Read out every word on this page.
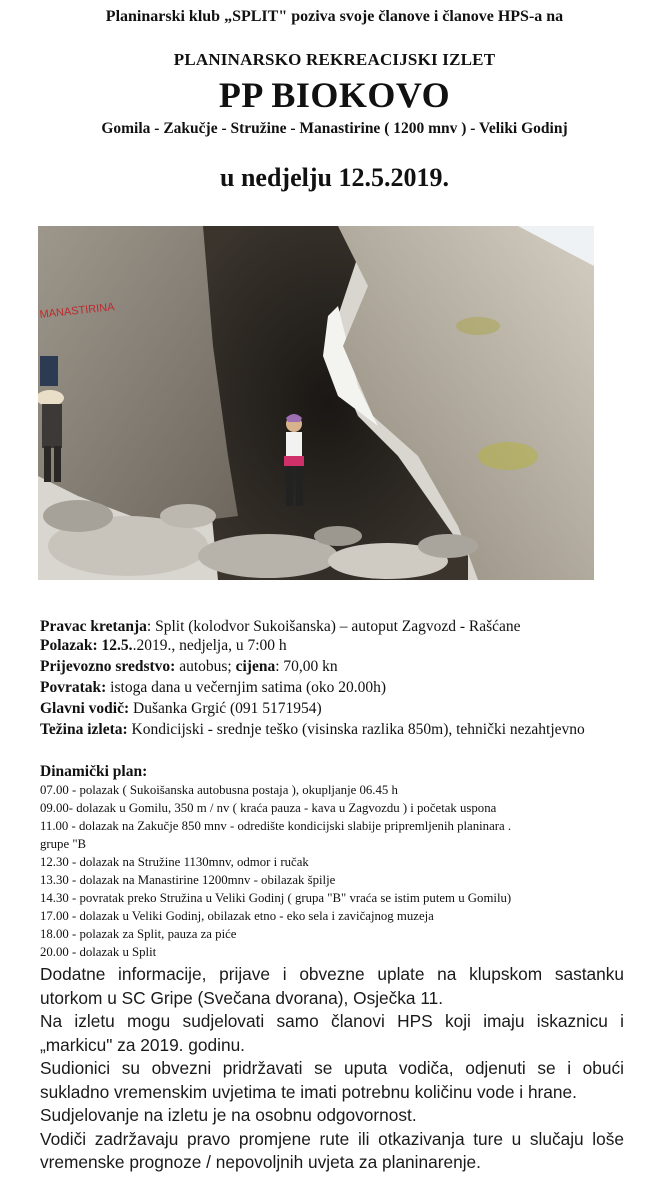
Planinarski klub „SPLIT" poziva svoje članove i članove HPS-a na
PLANINARSKO REKREACIJSKI IZLET
PP BIOKOVO
Gomila - Zakučje - Stružine - Manastirine ( 1200 mnv ) - Veliki Godinj
u nedjelju 12.5.2019.
MANASTIRINA
Pravac kretanja: Split (kolodvor Sukoišanska) – autoput Zagvozd - Rašćane
Polazak: 12.5..2019., nedjelja, u 7:00 h
Prijevozno sredstvo: autobus; cijena: 70,00 kn
Povratak: istoga dana u večernjim satima (oko 20.00h)
Glavni vodič: Dušanka Grgić (091 5171954)
Težina izleta: Kondicijski - srednje teško (visinska razlika 850m), tehnički nezahtjevno
Dinamički plan:
07.00 - polazak ( Sukoišanska autobusna postaja ), okupljanje 06.45 h
09.00- dolazak u Gomilu, 350 m / nv ( kraća pauza - kava u Zagvozdu ) i početak uspona
11.00 - dolazak na Zakučje 850 mnv - odredište kondicijski slabije pripremljenih planinara .
grupe "B
12.30 - dolazak na Stružine 1130mnv, odmor i ručak
13.30 - dolazak na Manastirine 1200mnv - obilazak špilje
14.30 - povratak preko Stružina u Veliki Godinj ( grupa "B" vraća se istim putem u Gomilu)
17.00 - dolazak u Veliki Godinj, obilazak etno - eko sela i zavičajnog muzeja
18.00 - polazak za Split, pauza za piće
20.00 - dolazak u Split

Dodatne informacije, prijave i obvezne uplate na klupskom sastanku utorkom u SC Gripe (Svečana dvorana), Osječka 11.

Na izletu mogu sudjelovati samo članovi HPS koji imaju iskaznicu i „markicu" za 2019. godinu.

Sudionici su obvezni pridržavati se uputa vodiča, odjenuti se i obući sukladno vremenskim uvjetima te imati potrebnu količinu vode i hrane.

Sudjelovanje na izletu je na osobnu odgovornost.

Vodiči zadržavaju pravo promjene rute ili otkazivanja ture u slučaju loše vremenske prognoze / nepovoljnih uvjeta za planinarenje.
